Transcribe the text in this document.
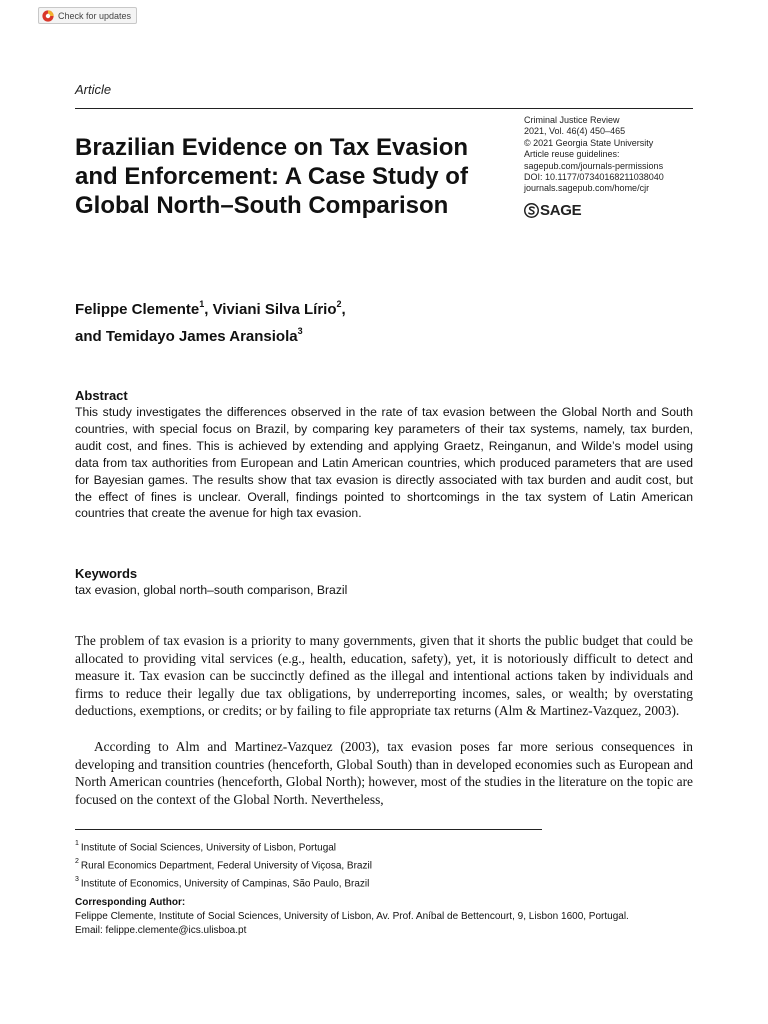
Check for updates
Article
Brazilian Evidence on Tax Evasion and Enforcement: A Case Study of Global North–South Comparison
Criminal Justice Review
2021, Vol. 46(4) 450–465
© 2021 Georgia State University
Article reuse guidelines:
sagepub.com/journals-permissions
DOI: 10.1177/07340168211038040
journals.sagepub.com/home/cjr
SAGE
Felippe Clemente$^1$, Viviani Silva Lírio$^2$,
and Temidayo James Aransiola$^3$
Abstract

This study investigates the differences observed in the rate of tax evasion between the Global North and South countries, with special focus on Brazil, by comparing key parameters of their tax systems, namely, tax burden, audit cost, and fines. This is achieved by extending and applying Graetz, Reinganun, and Wilde’s model using data from tax authorities from European and Latin American countries, which produced parameters that are used for Bayesian games. The results show that tax evasion is directly associated with tax burden and audit cost, but the effect of fines is unclear. Overall, findings pointed to shortcomings in the tax system of Latin American countries that create the avenue for high tax evasion.

Keywords
tax evasion, global north–south comparison, Brazil

The problem of tax evasion is a priority to many governments, given that it shorts the public budget that could be allocated to providing vital services (e.g., health, education, safety), yet, it is notoriously difficult to detect and measure it. Tax evasion can be succinctly defined as the illegal and intentional actions taken by individuals and firms to reduce their legally due tax obligations, by underreporting incomes, sales, or wealth; by overstating deductions, exemptions, or credits; or by failing to file appropriate tax returns (Alm & Martinez-Vazquez, 2003).

According to Alm and Martinez-Vazquez (2003), tax evasion poses far more serious consequences in developing and transition countries (henceforth, Global South) than in developed economies such as European and North American countries (henceforth, Global North); however, most of the studies in the literature on the topic are focused on the context of the Global North. Nevertheless,

$^1$ Institute of Social Sciences, University of Lisbon, Portugal
$^2$ Rural Economics Department, Federal University of Viçosa, Brazil
$^3$ Institute of Economics, University of Campinas, São Paulo, Brazil
Corresponding Author:
Felippe Clemente, Institute of Social Sciences, University of Lisbon, Av. Prof. Aníbal de Bettencourt, 9, Lisbon 1600, Portugal.
Email: felippe.clemente@ics.ulisboa.pt
